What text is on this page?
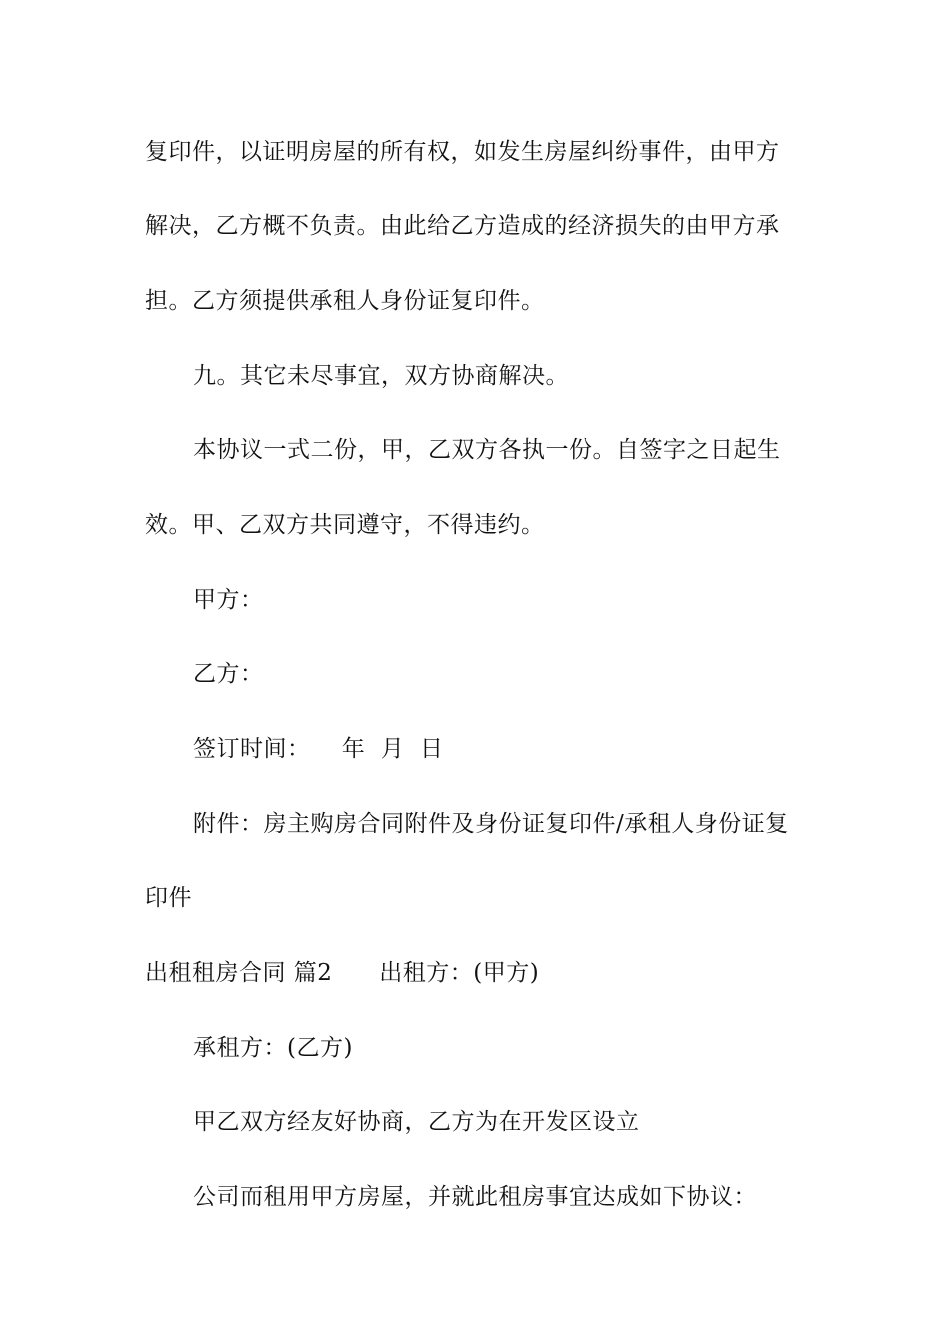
复印件，以证明房屋的所有权，如发生房屋纠纷事件，由甲方
解决，乙方概不负责。由此给乙方造成的经济损失的由甲方承
担。乙方须提供承租人身份证复印件。
九。其它未尽事宜，双方协商解决。
本协议一式二份，甲，乙双方各执一份。自签字之日起生
效。甲、乙双方共同遵守，不得违约。
甲方：
乙方：
签订时间：    年  月  日
附件：房主购房合同附件及身份证复印件/承租人身份证复
印件
出租租房合同 篇2      出租方：(甲方)
承租方：(乙方)
甲乙双方经友好协商，乙方为在开发区设立
公司而租用甲方房屋，并就此租房事宜达成如下协议：
